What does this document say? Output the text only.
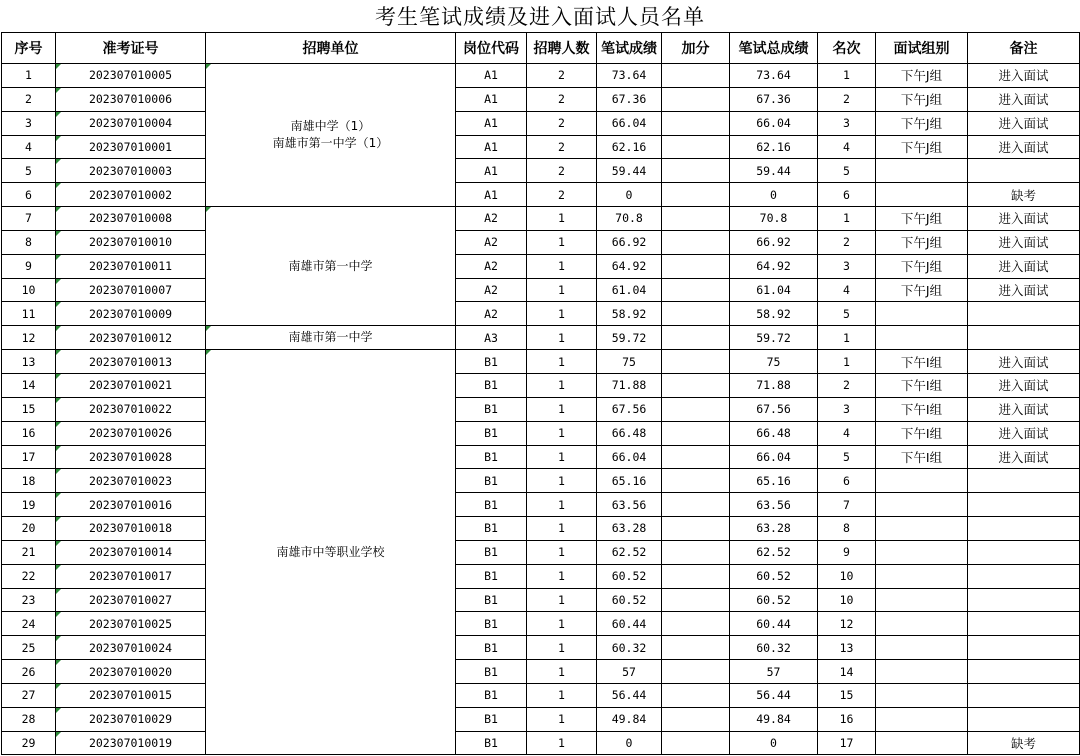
考生笔试成绩及进入面试人员名单
序号	准考证号	招聘单位	岗位代码	招聘人数	笔试成绩	加分	笔试总成绩	名次	面试组别	备注
1	202307010005	南雄中学（1）
南雄市第一中学（1）	A1	2	73.64		73.64	1	下午J组	进入面试
2	202307010006		A1	2	67.36		67.36	2	下午J组	进入面试
3	202307010004		A1	2	66.04		66.04	3	下午J组	进入面试
4	202307010001		A1	2	62.16		62.16	4	下午J组	进入面试
5	202307010003		A1	2	59.44		59.44	5		
6	202307010002		A1	2	0		0	6		缺考
7	202307010008	南雄市第一中学	A2	1	70.8		70.8	1	下午J组	进入面试
8	202307010010		A2	1	66.92		66.92	2	下午J组	进入面试
9	202307010011		A2	1	64.92		64.92	3	下午J组	进入面试
10	202307010007		A2	1	61.04		61.04	4	下午J组	进入面试
11	202307010009		A2	1	58.92		58.92	5		
12	202307010012	南雄市第一中学	A3	1	59.72		59.72	1		
13	202307010013	南雄市中等职业学校	B1	1	75		75	1	下午I组	进入面试
14	202307010021		B1	1	71.88		71.88	2	下午I组	进入面试
15	202307010022		B1	1	67.56		67.56	3	下午I组	进入面试
16	202307010026		B1	1	66.48		66.48	4	下午I组	进入面试
17	202307010028		B1	1	66.04		66.04	5	下午I组	进入面试
18	202307010023		B1	1	65.16		65.16	6		
19	202307010016		B1	1	63.56		63.56	7		
20	202307010018		B1	1	63.28		63.28	8		
21	202307010014		B1	1	62.52		62.52	9		
22	202307010017		B1	1	60.52		60.52	10		
23	202307010027		B1	1	60.52		60.52	10		
24	202307010025		B1	1	60.44		60.44	12		
25	202307010024		B1	1	60.32		60.32	13		
26	202307010020		B1	1	57		57	14		
27	202307010015		B1	1	56.44		56.44	15		
28	202307010029		B1	1	49.84		49.84	16		
29	202307010019		B1	1	0		0	17		缺考
